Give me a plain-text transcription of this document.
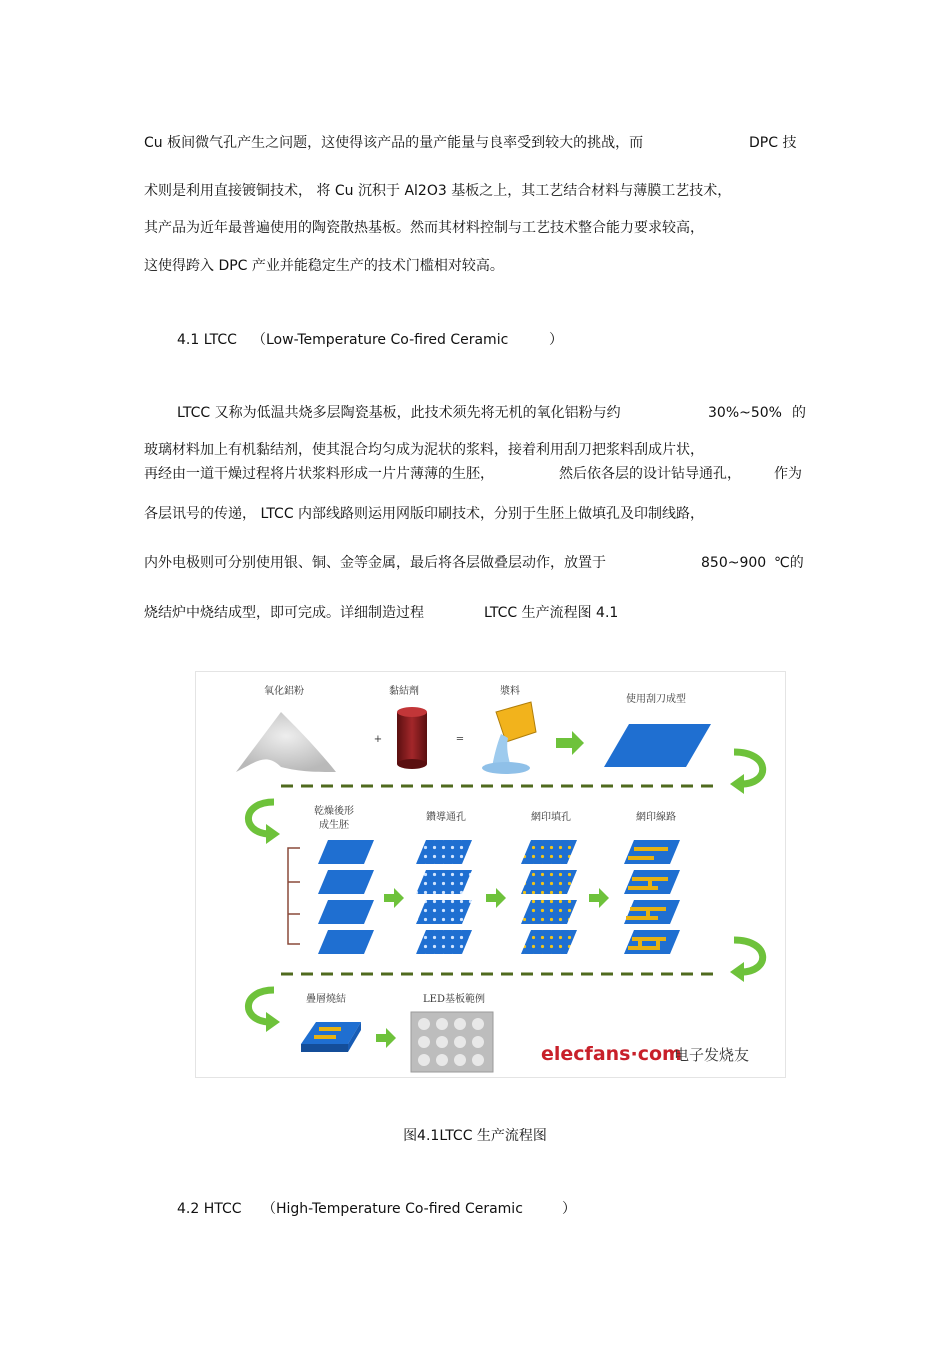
Cu 板间微气孔产生之问题，这使得该产品的量产能量与良率受到较大的挑战，而	DPC 技
术则是利用直接镀铜技术， 将 Cu 沉积于 Al2O3 基板之上，其工艺结合材料与薄膜工艺技术，
其产品为近年最普遍使用的陶瓷散热基板。然而其材料控制与工艺技术整合能力要求较高，
这使得跨入 DPC 产业并能稳定生产的技术门槛相对较高。
4.1 LTCC （Low-Temperature Co-fired Ceramic	）
LTCC 又称为低温共烧多层陶瓷基板，此技术须先将无机的氧化铝粉与约	30%~50% 的
玻璃材料加上有机黏结剂，使其混合均匀成为泥状的浆料，接着利用刮刀把浆料刮成片状，
再经由一道干燥过程将片状浆料形成一片片薄薄的生胚，	然后依各层的设计钻导通孔， 作为
各层讯号的传递， LTCC 内部线路则运用网版印刷技术，分别于生胚上做填孔及印制线路，
内外电极则可分别使用银、铜、金等金属，最后将各层做叠层动作，放置于	850~900 ℃的
烧结炉中烧结成型，即可完成。详细制造过程	LTCC 生产流程图 4.1
氧化鋁粉	黏結劑	漿料
使用刮刀成型
+	=
乾燥後形
成生胚
鑽導通孔	網印填孔	網印線路
疊層燒結	LED基板範例
elecfans·com
电子发烧友
图4.1LTCC 生产流程图
4.2 HTCC （High-Temperature Co-fired Ceramic	）
